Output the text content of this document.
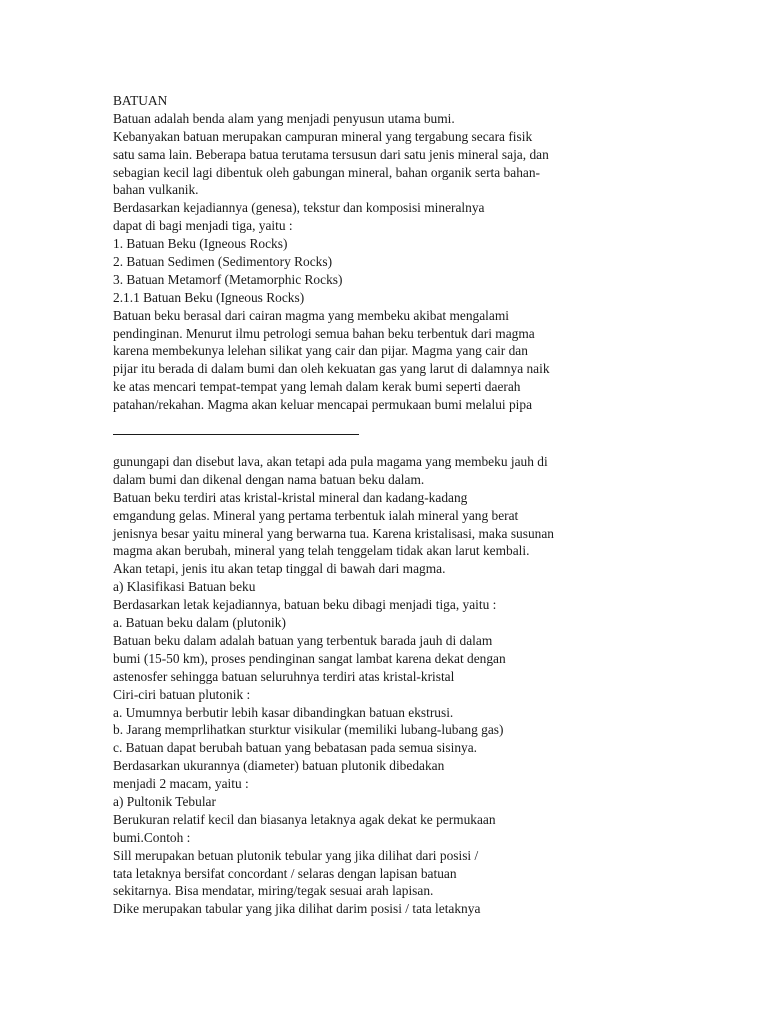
BATUAN
Batuan adalah benda alam yang menjadi penyusun utama bumi.
Kebanyakan batuan merupakan campuran mineral yang tergabung secara fisik
satu sama lain. Beberapa batua terutama tersusun dari satu jenis mineral saja, dan
sebagian kecil lagi dibentuk oleh gabungan mineral, bahan organik serta bahan-
bahan vulkanik.
Berdasarkan kejadiannya (genesa), tekstur dan komposisi mineralnya
dapat di bagi menjadi tiga, yaitu :
1. Batuan Beku (Igneous Rocks)
2. Batuan Sedimen (Sedimentory Rocks)
3. Batuan Metamorf (Metamorphic Rocks)
2.1.1 Batuan Beku (Igneous Rocks)
Batuan beku berasal dari cairan magma yang membeku akibat mengalami
pendinginan. Menurut ilmu petrologi semua bahan beku terbentuk dari magma
karena membekunya lelehan silikat yang cair dan pijar. Magma yang cair dan
pijar itu berada di dalam bumi dan oleh kekuatan gas yang larut di dalamnya naik
ke atas mencari tempat-tempat yang lemah dalam kerak bumi seperti daerah
patahan/rekahan. Magma akan keluar mencapai permukaan bumi melalui pipa
gunungapi dan disebut lava, akan tetapi ada pula magama yang membeku jauh di
dalam bumi dan dikenal dengan nama batuan beku dalam.
Batuan beku terdiri atas kristal-kristal mineral dan kadang-kadang
emgandung gelas. Mineral yang pertama terbentuk ialah mineral yang berat
jenisnya besar yaitu mineral yang berwarna tua. Karena kristalisasi, maka susunan
magma akan berubah, mineral yang telah tenggelam tidak akan larut kembali.
Akan tetapi, jenis itu akan tetap tinggal di bawah dari magma.
a) Klasifikasi Batuan beku
Berdasarkan letak kejadiannya, batuan beku dibagi menjadi tiga, yaitu :
a. Batuan beku dalam (plutonik)
Batuan beku dalam adalah batuan yang terbentuk barada jauh di dalam
bumi (15-50 km), proses pendinginan sangat lambat karena dekat dengan
astenosfer sehingga batuan seluruhnya terdiri atas kristal-kristal
Ciri-ciri batuan plutonik :
a. Umumnya berbutir lebih kasar dibandingkan batuan ekstrusi.
b. Jarang memprlihatkan sturktur visikular (memiliki lubang-lubang gas)
c. Batuan dapat berubah batuan yang bebatasan pada semua sisinya.
Berdasarkan ukurannya (diameter) batuan plutonik dibedakan
menjadi 2 macam, yaitu :
a) Pultonik Tebular
Berukuran relatif kecil dan biasanya letaknya agak dekat ke permukaan
bumi.Contoh :
Sill merupakan betuan plutonik tebular yang jika dilihat dari posisi /
tata letaknya bersifat concordant / selaras dengan lapisan batuan
sekitarnya. Bisa mendatar, miring/tegak sesuai arah lapisan.
Dike merupakan tabular yang jika dilihat darim posisi / tata letaknya
